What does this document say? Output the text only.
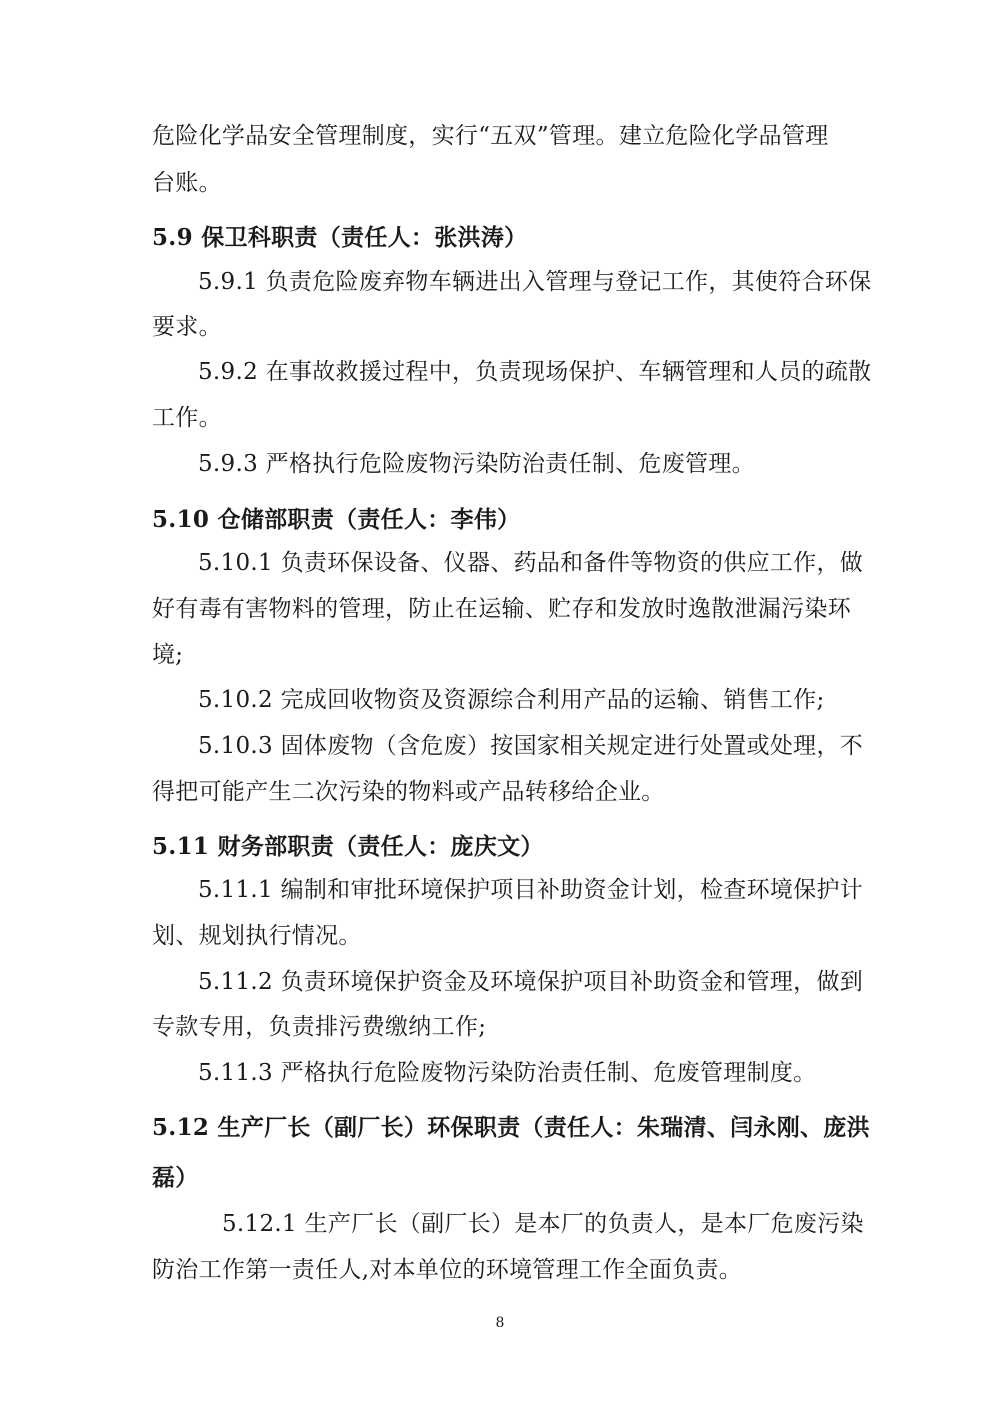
危险化学品安全管理制度，实行“五双”管理。建立危险化学品管理

台账。

5.9 保卫科职责（责任人：张洪涛）

5.9.1 负责危险废弃物车辆进出入管理与登记工作，其使符合环保

要求。

5.9.2 在事故救援过程中，负责现场保护、车辆管理和人员的疏散

工作。

5.9.3 严格执行危险废物污染防治责任制、危废管理。

5.10 仓储部职责（责任人：李伟）

5.10.1 负责环保设备、仪器、药品和备件等物资的供应工作，做

好有毒有害物料的管理，防止在运输、贮存和发放时逸散泄漏污染环

境;

5.10.2 完成回收物资及资源综合利用产品的运输、销售工作;

5.10.3 固体废物（含危废）按国家相关规定进行处置或处理，不

得把可能产生二次污染的物料或产品转移给企业。

5.11 财务部职责（责任人：庞庆文）

5.11.1 编制和审批环境保护项目补助资金计划，检查环境保护计

划、规划执行情况。

5.11.2 负责环境保护资金及环境保护项目补助资金和管理，做到

专款专用，负责排污费缴纳工作;

5.11.3 严格执行危险废物污染防治责任制、危废管理制度。

5.12 生产厂长（副厂长）环保职责（责任人：朱瑞清、闫永刚、庞洪

磊）

5.12.1 生产厂长（副厂长）是本厂的负责人，是本厂危废污染

防治工作第一责任人,对本单位的环境管理工作全面负责。

8
